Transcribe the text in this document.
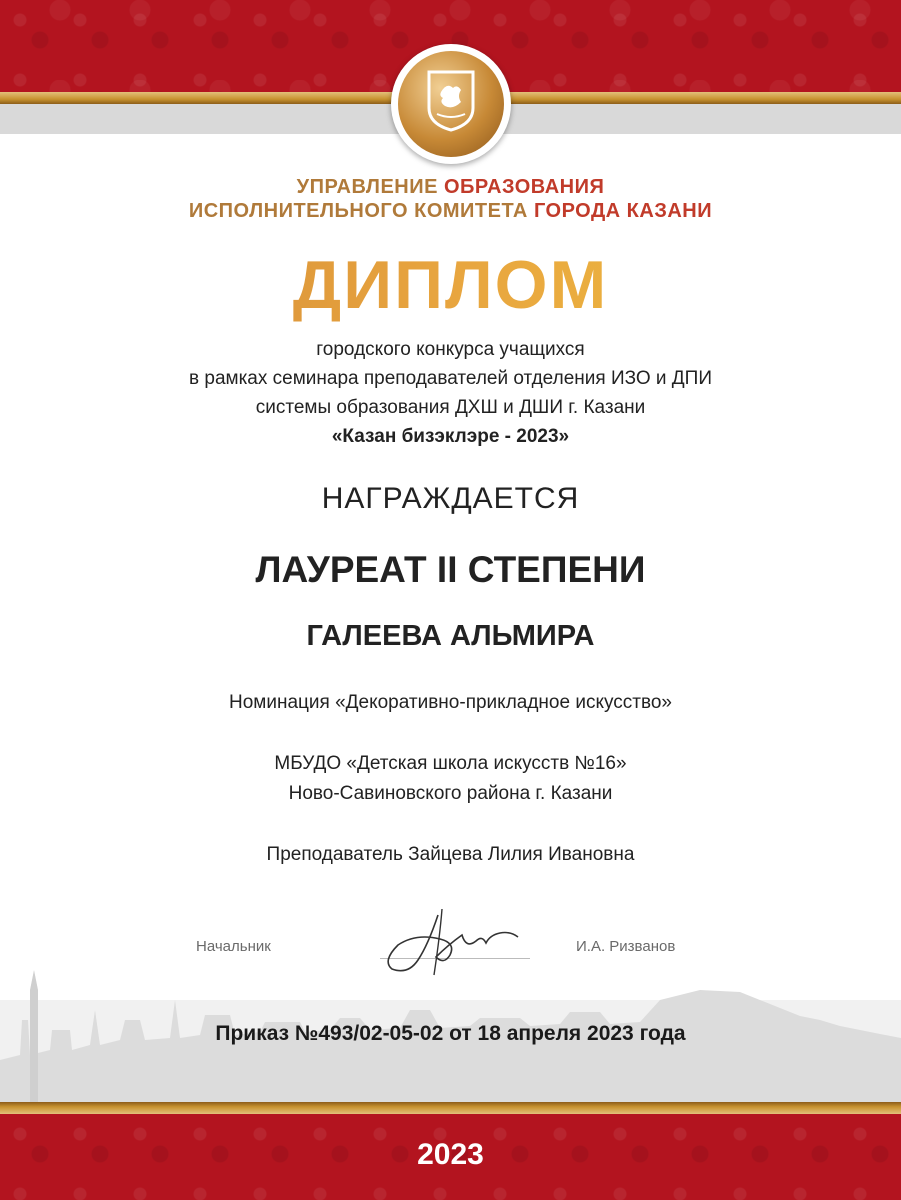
УПРАВЛЕНИЕ ОБРАЗОВАНИЯ
ИСПОЛНИТЕЛЬНОГО КОМИТЕТА ГОРОДА КАЗАНИ
ДИПЛОМ
городского конкурса учащихся
в рамках семинара преподавателей отделения ИЗО и ДПИ
системы образования ДХШ и ДШИ г. Казани
«Казан бизэклэре - 2023»
НАГРАЖДАЕТСЯ
ЛАУРЕАТ II СТЕПЕНИ
ГАЛЕЕВА АЛЬМИРА
Номинация «Декоративно-прикладное искусство»
МБУДО «Детская школа искусств №16»
Ново-Савиновского района г. Казани
Преподаватель Зайцева Лилия Ивановна
Начальник	И.А. Ризванов
Приказ №493/02-05-02 от 18 апреля 2023 года
2023
